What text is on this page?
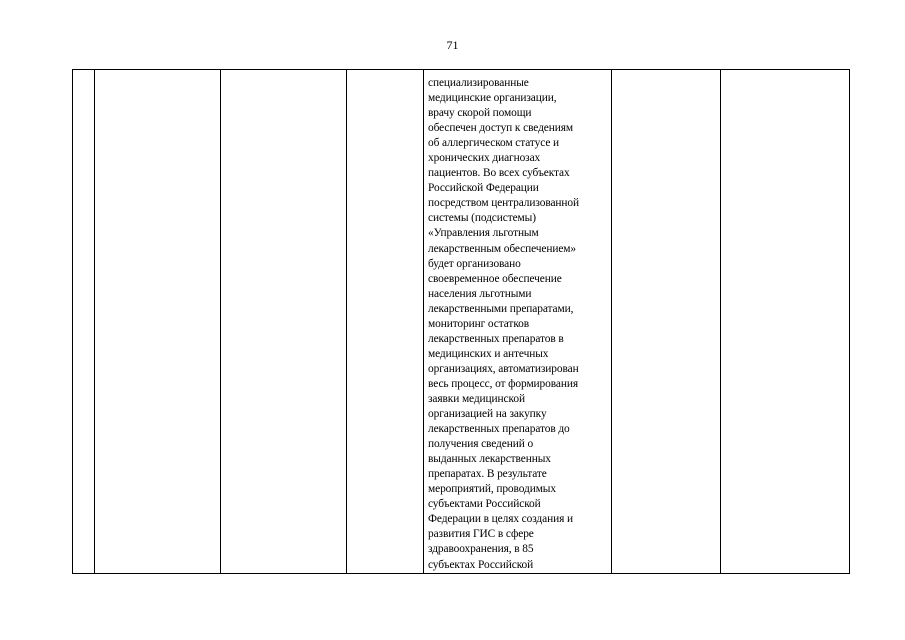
71

специализированные
медицинские организации,
врачу скорой помощи
обеспечен доступ к сведениям
об аллергическом статусе и
хронических диагнозах
пациентов. Во всех субъектах
Российской Федерации
посредством централизованной
системы (подсистемы)
«Управления льготным
лекарственным обеспечением»
будет организовано
своевременное обеспечение
населения льготными
лекарственными препаратами,
мониторинг остатков
лекарственных препаратов в
медицинских и антечных
организациях, автоматизирован
весь процесс, от формирования
заявки медицинской
организацией на закупку
лекарственных препаратов до
получения сведений о
выданных лекарственных
препаратах. В результате
мероприятий, проводимых
субъектами Российской
Федерации в целях создания и
развития ГИС в сфере
здравоохранения, в 85
субъектах Российской
